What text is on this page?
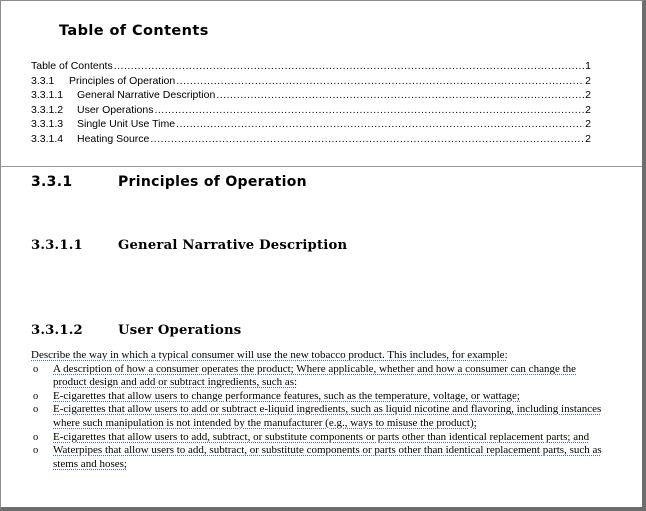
Table of Contents
Table of Contents .....	1
3.3.1	Principles of Operation .....	2
3.3.1.1	General Narrative Description .....	2
3.3.1.2	User Operations .....	2
3.3.1.3	Single Unit Use Time .....	2
3.3.1.4	Heating Source .....	2
3.3.1	Principles of Operation
3.3.1.1	General Narrative Description
3.3.1.2	User Operations
Describe the way in which a typical consumer will use the new tobacco product. This includes, for example:
o A description of how a consumer operates the product; Where applicable, whether and how a consumer can change the product design and add or subtract ingredients, such as:
o E-cigarettes that allow users to change performance features, such as the temperature, voltage, or wattage;
o E-cigarettes that allow users to add or subtract e-liquid ingredients, such as liquid nicotine and flavoring, including instances where such manipulation is not intended by the manufacturer (e.g., ways to misuse the product);
o E-cigarettes that allow users to add, subtract, or substitute components or parts other than identical replacement parts; and
o Waterpipes that allow users to add, subtract, or substitute components or parts other than identical replacement parts, such as stems and hoses;
